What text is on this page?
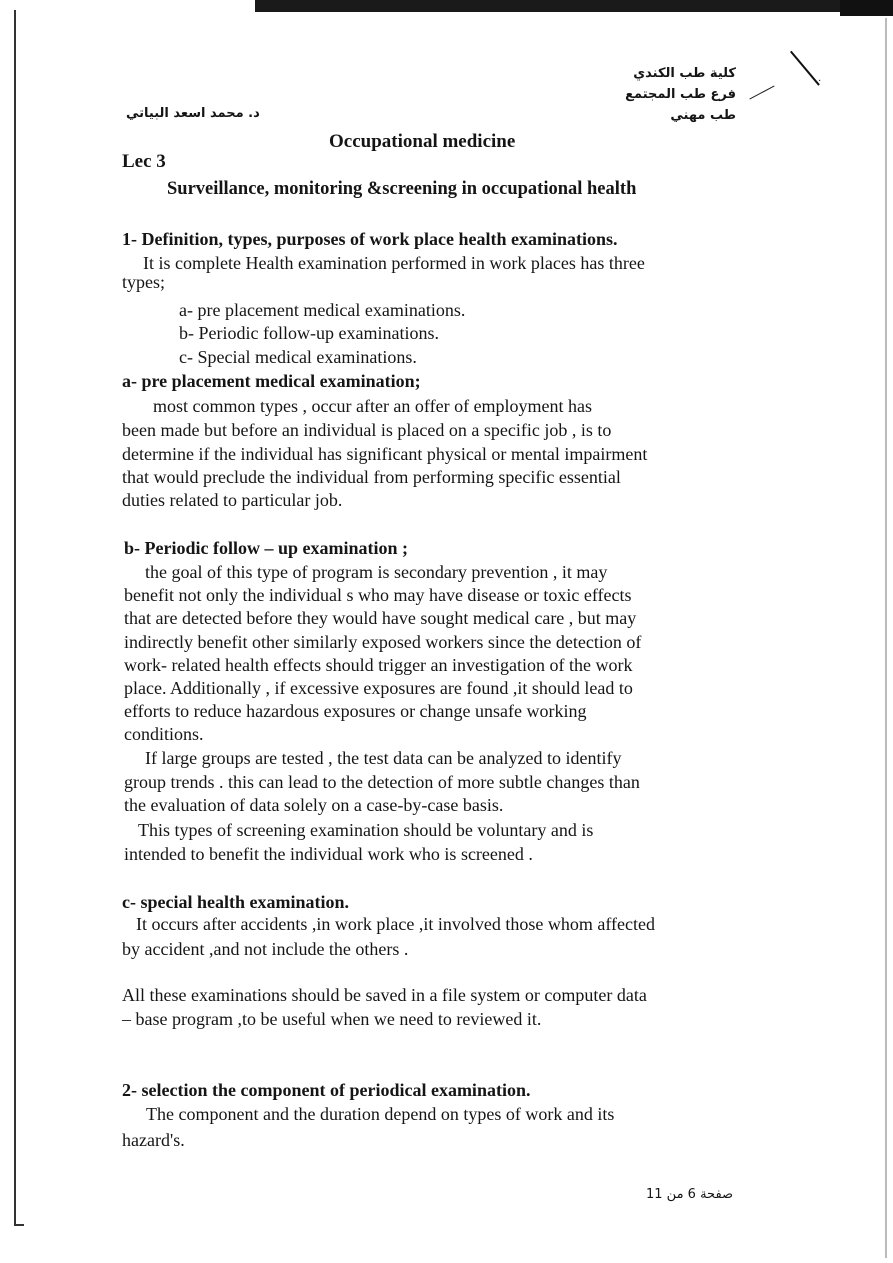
كلية طب الكندي
فرع طب المجتمع
طب مهني
د. محمد اسعد البياتي
·
Occupational medicine
Lec 3
Surveillance, monitoring &screening in occupational health
1- Definition, types, purposes of work place health examinations.
It is complete Health examination performed in work places has three
types;
a- pre placement medical examinations.
b- Periodic follow-up examinations.
c- Special medical examinations.
a- pre placement medical examination;
most common types , occur after an offer of employment has
been made but before an individual is placed on a specific job , is to
determine if the individual has significant physical or mental impairment
that would preclude the individual from performing specific essential
duties related to particular job.
b- Periodic follow – up examination ;
the goal of this type of program is secondary prevention , it may
benefit not only the individual s who may have disease or toxic effects
that are detected before they would have sought medical care , but may
indirectly benefit other similarly exposed workers since the detection of
work- related health effects should trigger an investigation of the work
place. Additionally , if excessive exposures are found ,it should lead to
efforts to reduce hazardous exposures or change unsafe working
conditions.
If large groups are tested , the test data can be analyzed to identify
group trends . this can lead to the detection of more subtle changes than
the evaluation of data solely on a case-by-case basis.
This types of screening examination should be voluntary and is
intended to benefit the individual work who is screened .
c- special health examination.
It occurs after accidents ,in work place ,it involved those whom affected
by accident ,and not include the others .
All these examinations should be saved in a file system or computer data
– base program ,to be useful when we need to reviewed it.
2- selection the component of periodical examination.
The component and the duration depend on types of work and its
hazard's.
صفحة 6 من 11
